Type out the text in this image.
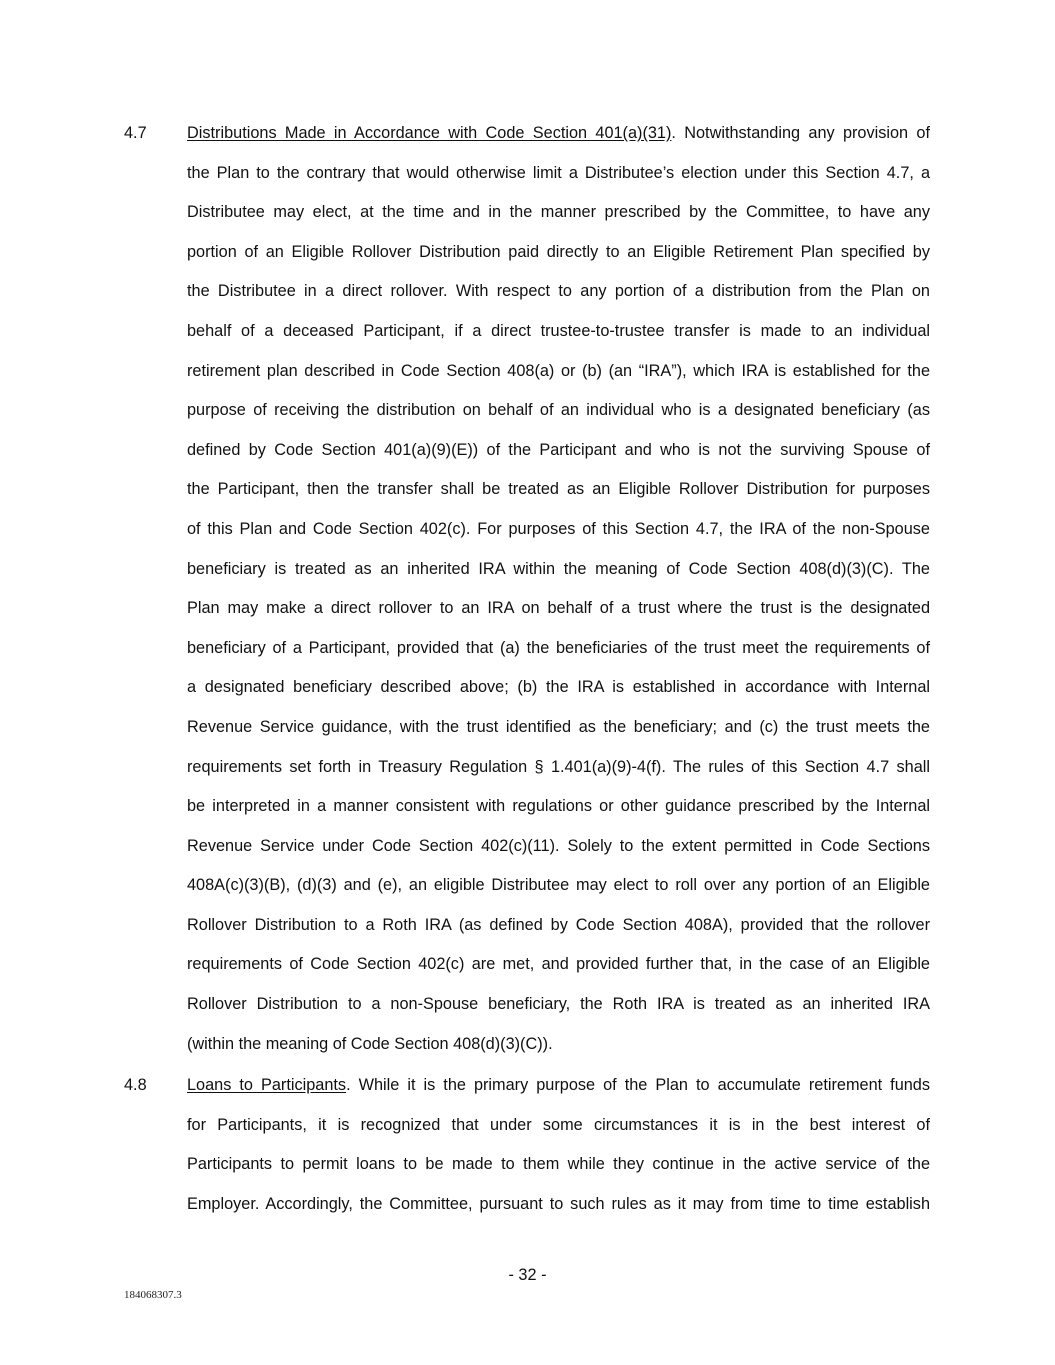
4.7 Distributions Made in Accordance with Code Section 401(a)(31). Notwithstanding any provision of
the Plan to the contrary that would otherwise limit a Distributee’s election under this Section 4.7, a
Distributee may elect, at the time and in the manner prescribed by the Committee, to have any
portion of an Eligible Rollover Distribution paid directly to an Eligible Retirement Plan specified by
the Distributee in a direct rollover. With respect to any portion of a distribution from the Plan on
behalf of a deceased Participant, if a direct trustee-to-trustee transfer is made to an individual
retirement plan described in Code Section 408(a) or (b) (an “IRA”), which IRA is established for the
purpose of receiving the distribution on behalf of an individual who is a designated beneficiary (as
defined by Code Section 401(a)(9)(E)) of the Participant and who is not the surviving Spouse of
the Participant, then the transfer shall be treated as an Eligible Rollover Distribution for purposes
of this Plan and Code Section 402(c). For purposes of this Section 4.7, the IRA of the non-Spouse
beneficiary is treated as an inherited IRA within the meaning of Code Section 408(d)(3)(C). The
Plan may make a direct rollover to an IRA on behalf of a trust where the trust is the designated
beneficiary of a Participant, provided that (a) the beneficiaries of the trust meet the requirements of
a designated beneficiary described above; (b) the IRA is established in accordance with Internal
Revenue Service guidance, with the trust identified as the beneficiary; and (c) the trust meets the
requirements set forth in Treasury Regulation § 1.401(a)(9)-4(f). The rules of this Section 4.7 shall
be interpreted in a manner consistent with regulations or other guidance prescribed by the Internal
Revenue Service under Code Section 402(c)(11). Solely to the extent permitted in Code Sections
408A(c)(3)(B), (d)(3) and (e), an eligible Distributee may elect to roll over any portion of an Eligible
Rollover Distribution to a Roth IRA (as defined by Code Section 408A), provided that the rollover
requirements of Code Section 402(c) are met, and provided further that, in the case of an Eligible
Rollover Distribution to a non-Spouse beneficiary, the Roth IRA is treated as an inherited IRA
(within the meaning of Code Section 408(d)(3)(C)).
4.8 Loans to Participants. While it is the primary purpose of the Plan to accumulate retirement funds
for Participants, it is recognized that under some circumstances it is in the best interest of
Participants to permit loans to be made to them while they continue in the active service of the
Employer. Accordingly, the Committee, pursuant to such rules as it may from time to time establish
- 32 -
184068307.3
